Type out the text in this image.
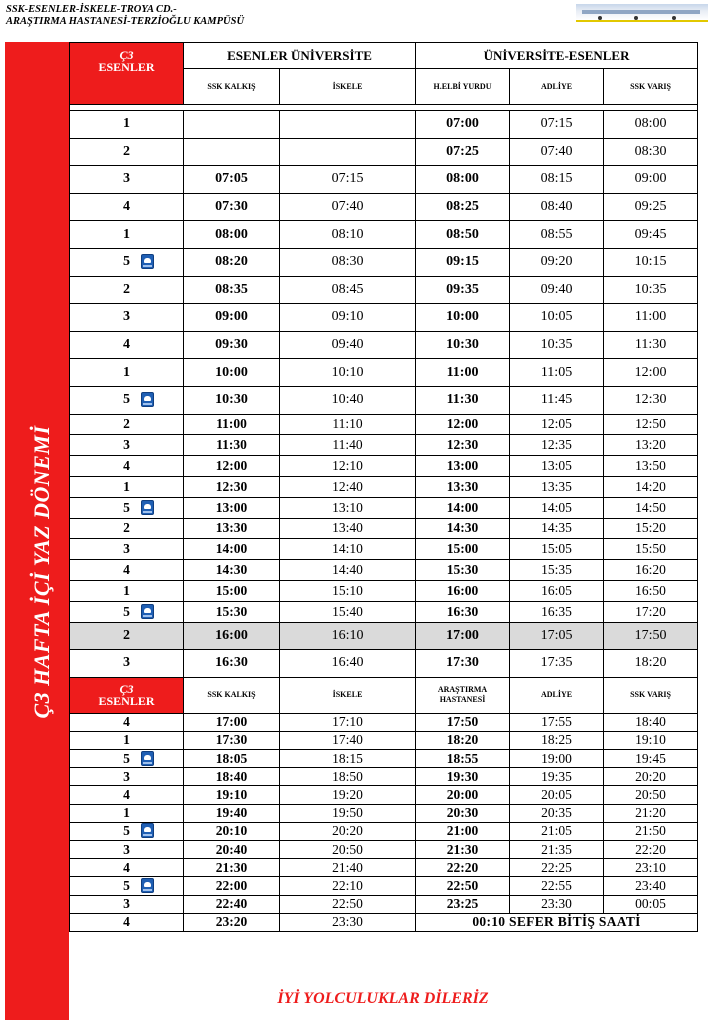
SSK-ESENLER-İSKELE-TROYA CD.-
ARAŞTIRMA HASTANESİ-TERZİOĞLU KAMPÜSÜ
Ç3 HAFTA İÇİ YAZ DÖNEMİ
Ç3
ESENLER	ESENLER ÜNİVERSİTE		ÜNİVERSİTE-ESENLER		
	SSK KALKIŞ	İSKELE	H.ELBİ YURDU	ADLİYE	SSK VARIŞ

1			07:00	07:15	08:00
2			07:25	07:40	08:30
3	07:05	07:15	08:00	08:15	09:00
4	07:30	07:40	08:25	08:40	09:25
1	08:00	08:10	08:50	08:55	09:45
5	08:20	08:30	09:15	09:20	10:15
2	08:35	08:45	09:35	09:40	10:35
3	09:00	09:10	10:00	10:05	11:00
4	09:30	09:40	10:30	10:35	11:30
1	10:00	10:10	11:00	11:05	12:00
5	10:30	10:40	11:30	11:45	12:30
2	11:00	11:10	12:00	12:05	12:50
3	11:30	11:40	12:30	12:35	13:20
4	12:00	12:10	13:00	13:05	13:50
1	12:30	12:40	13:30	13:35	14:20
5	13:00	13:10	14:00	14:05	14:50
2	13:30	13:40	14:30	14:35	15:20
3	14:00	14:10	15:00	15:05	15:50
4	14:30	14:40	15:30	15:35	16:20
1	15:00	15:10	16:00	16:05	16:50
5	15:30	15:40	16:30	16:35	17:20
2	16:00	16:10	17:00	17:05	17:50
3	16:30	16:40	17:30	17:35	18:20

Ç3
ESENLER	SSK KALKIŞ	İSKELE	ARAŞTIRMA HASTANESİ	ADLİYE	SSK VARIŞ
4	17:00	17:10	17:50	17:55	18:40
1	17:30	17:40	18:20	18:25	19:10
5	18:05	18:15	18:55	19:00	19:45
3	18:40	18:50	19:30	19:35	20:20
4	19:10	19:20	20:00	20:05	20:50
1	19:40	19:50	20:30	20:35	21:20
5	20:10	20:20	21:00	21:05	21:50
3	20:40	20:50	21:30	21:35	22:20
4	21:30	21:40	22:20	22:25	23:10
5	22:00	22:10	22:50	22:55	23:40
3	22:40	22:50	23:25	23:30	00:05
4	23:20	23:30	00:10 SEFER BİTİŞ SAATİ		
İYİ YOLCULUKLAR DİLERİZ
